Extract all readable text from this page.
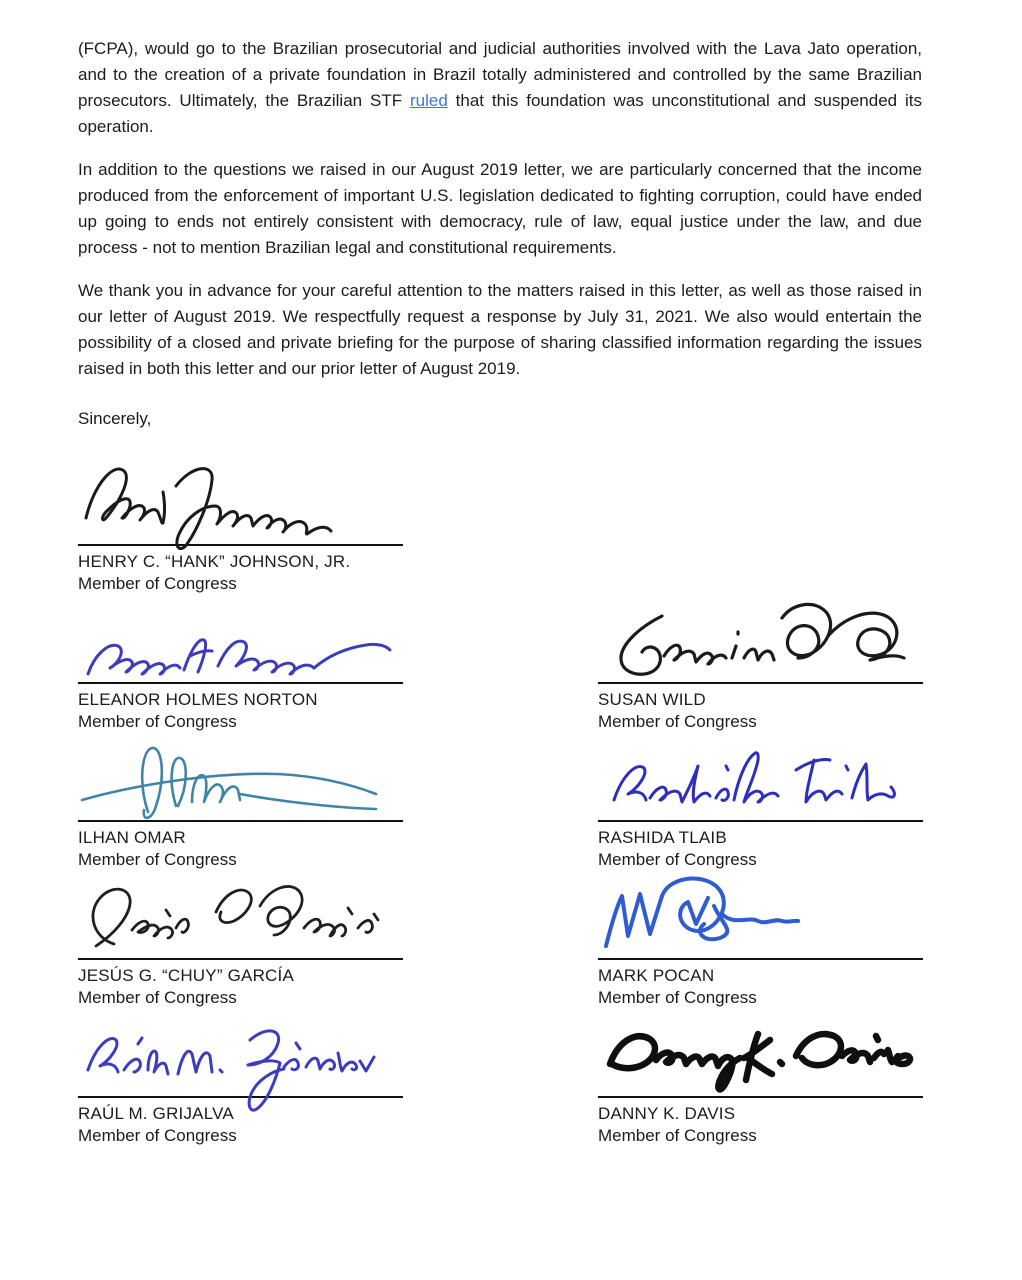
(FCPA), would go to the Brazilian prosecutorial and judicial authorities involved with the Lava Jato operation, and to the creation of a private foundation in Brazil totally administered and controlled by the same Brazilian prosecutors. Ultimately, the Brazilian STF ruled that this foundation was unconstitutional and suspended its operation.

In addition to the questions we raised in our August 2019 letter, we are particularly concerned that the income produced from the enforcement of important U.S. legislation dedicated to fighting corruption, could have ended up going to ends not entirely consistent with democracy, rule of law, equal justice under the law, and due process - not to mention Brazilian legal and constitutional requirements.

We thank you in advance for your careful attention to the matters raised in this letter, as well as those raised in our letter of August 2019. We respectfully request a response by July 31, 2021. We also would entertain the possibility of a closed and private briefing for the purpose of sharing classified information regarding the issues raised in both this letter and our prior letter of August 2019.

Sincerely,

HENRY C. “HANK” JOHNSON, JR.
Member of Congress
ELEANOR HOLMES NORTON
Member of Congress
SUSAN WILD
Member of Congress
ILHAN OMAR
Member of Congress
RASHIDA TLAIB
Member of Congress
JESÚS G. “CHUY” GARCÍA
Member of Congress
MARK POCAN
Member of Congress
RAÚL M. GRIJALVA
Member of Congress
DANNY K. DAVIS
Member of Congress
